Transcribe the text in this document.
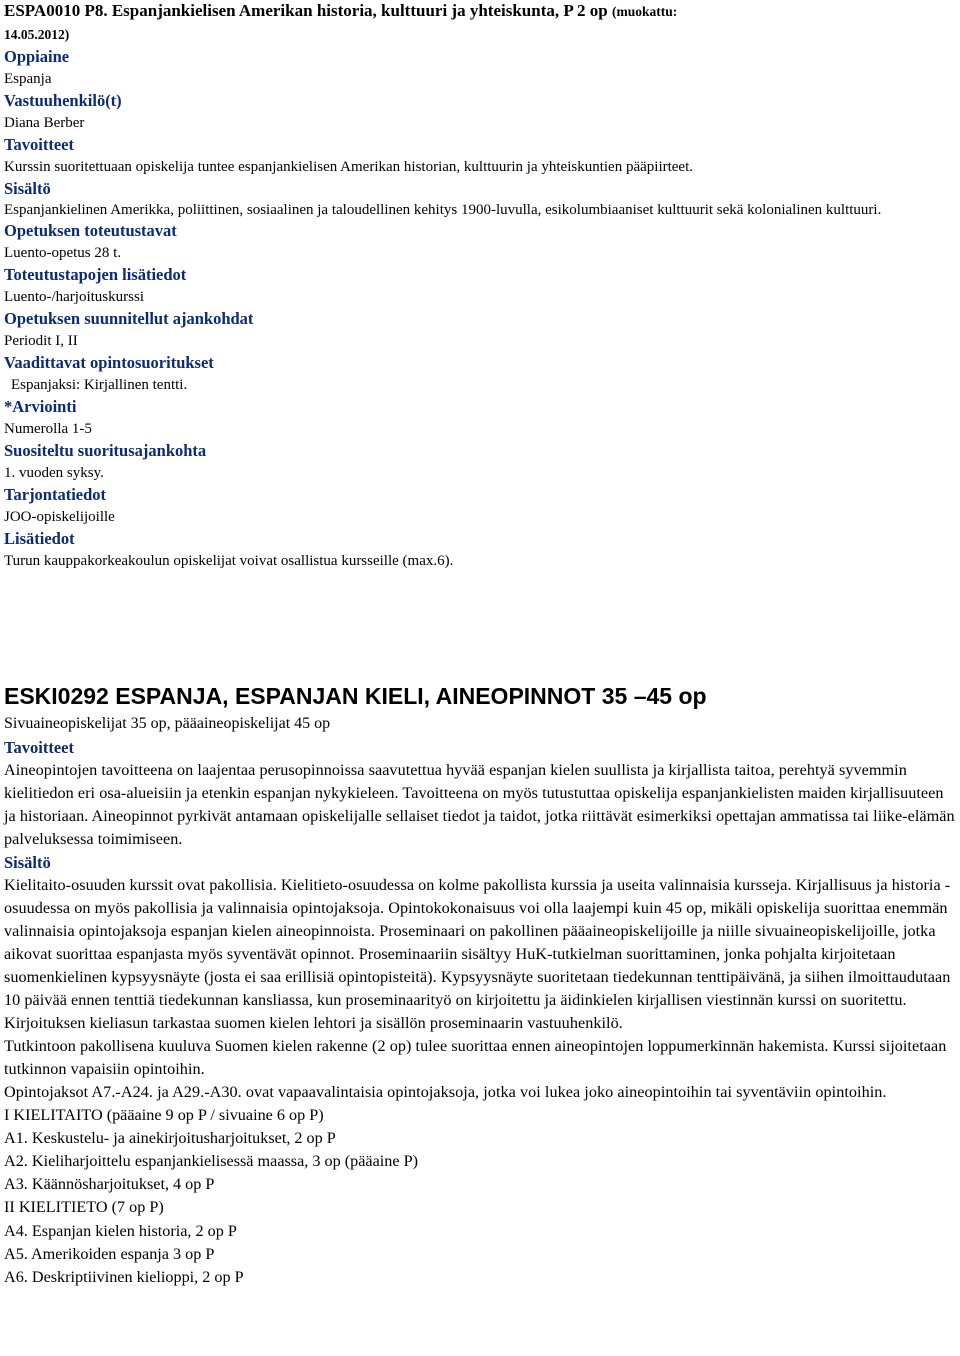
ESPA0010 P8. Espanjankielisen Amerikan historia, kulttuuri ja yhteiskunta, P 2 op (muokattu:
14.05.2012)

Oppiaine

Espanja

Vastuuhenkilö(t)

Diana Berber

Tavoitteet

Kurssin suoritettuaan opiskelija tuntee espanjankielisen Amerikan historian, kulttuurin ja yhteiskuntien pääpiirteet.

Sisältö

Espanjankielinen Amerikka, poliittinen, sosiaalinen ja taloudellinen kehitys 1900-luvulla, esikolumbiaaniset kulttuurit sekä kolonialinen kulttuuri.

Opetuksen toteutustavat

Luento-opetus 28 t.

Toteutustapojen lisätiedot

Luento-/harjoituskurssi

Opetuksen suunnitellut ajankohdat

Periodit I, II

Vaadittavat opintosuoritukset

Espanjaksi: Kirjallinen tentti.

*Arviointi

Numerolla 1-5

Suositeltu suoritusajankohta

1. vuoden syksy.

Tarjontatiedot

JOO-opiskelijoille

Lisätiedot

Turun kauppakorkeakoulun opiskelijat voivat osallistua kursseille (max.6).

ESKI0292 ESPANJA, ESPANJAN KIELI, AINEOPINNOT 35 –45 op

Sivuaineopiskelijat 35 op, pääaineopiskelijat 45 op

Tavoitteet

Aineopintojen tavoitteena on laajentaa perusopinnoissa saavutettua hyvää espanjan kielen suullista ja kirjallista taitoa, perehtyä syvemmin kielitiedon eri osa-alueisiin ja etenkin espanjan nykykieleen. Tavoitteena on myös tutustuttaa opiskelija espanjankielisten maiden kirjallisuuteen ja historiaan. Aineopinnot pyrkivät antamaan opiskelijalle sellaiset tiedot ja taidot, jotka riittävät esimerkiksi opettajan ammatissa tai liike-elämän palveluksessa toimimiseen.

Sisältö

Kielitaito-osuuden kurssit ovat pakollisia. Kielitieto-osuudessa on kolme pakollista kurssia ja useita valinnaisia kursseja. Kirjallisuus ja historia -osuudessa on myös pakollisia ja valinnaisia opintojaksoja. Opintokokonaisuus voi olla laajempi kuin 45 op, mikäli opiskelija suorittaa enemmän valinnaisia opintojaksoja espanjan kielen aineopinnoista. Proseminaari on pakollinen pääaineopiskelijoille ja niille sivuaineopiskelijoille, jotka aikovat suorittaa espanjasta myös syventävät opinnot. Proseminaariin sisältyy HuK-tutkielman suorittaminen, jonka pohjalta kirjoitetaan suomenkielinen kypsyysnäyte (josta ei saa erillisiä opintopisteitä). Kypsyysnäyte suoritetaan tiedekunnan tenttipäivänä, ja siihen ilmoittaudutaan 10 päivää ennen tenttiä tiedekunnan kansliassa, kun proseminaarityö on kirjoitettu ja äidinkielen kirjallisen viestinnän kurssi on suoritettu. Kirjoituksen kieliasun tarkastaa suomen kielen lehtori ja sisällön proseminaarin vastuuhenkilö.

Tutkintoon pakollisena kuuluva Suomen kielen rakenne (2 op) tulee suorittaa ennen aineopintojen loppumerkinnän hakemista. Kurssi sijoitetaan tutkinnon vapaisiin opintoihin.

Opintojaksot A7.-A24. ja A29.-A30. ovat vapaavalintaisia opintojaksoja, jotka voi lukea joko aineopintoihin tai syventäviin opintoihin.

I KIELITAITO (pääaine 9 op P / sivuaine 6 op P)

A1. Keskustelu- ja ainekirjoitusharjoitukset, 2 op P

A2. Kieliharjoittelu espanjankielisessä maassa, 3 op (pääaine P)

A3. Käännösharjoitukset, 4 op P

II KIELITIETO (7 op P)

A4. Espanjan kielen historia, 2 op P

A5. Amerikoiden espanja 3 op P

A6. Deskriptiivinen kielioppi, 2 op P
